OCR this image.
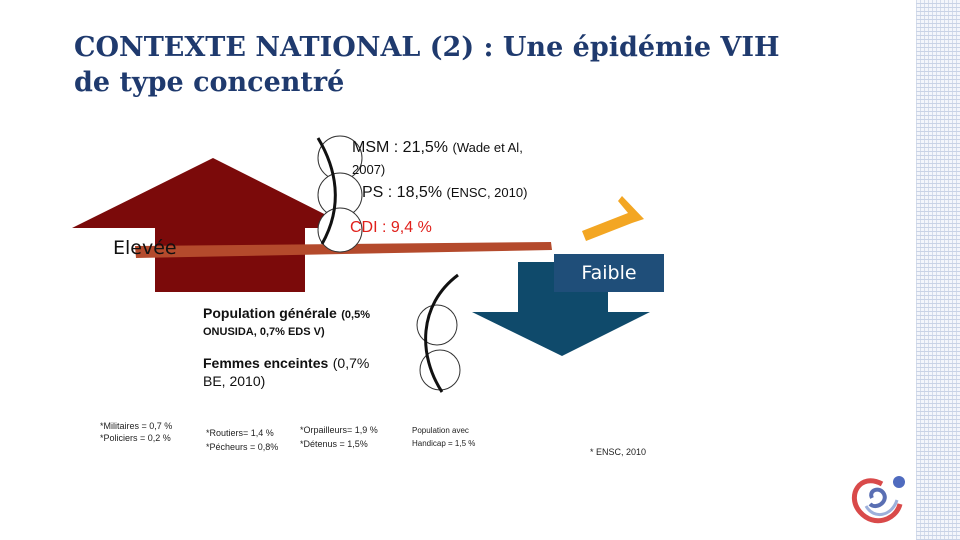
CONTEXTE NATIONAL (2) : Une épidémie VIH
de type concentré
MSM : 21,5% (Wade et Al,
2007)
PS : 18,5% (ENSC, 2010)
CDI : 9,4 %
Elevée
Faible
Population générale (0,5%
ONUSIDA, 0,7% EDS V)
Femmes enceintes (0,7%
BE, 2010)
*Militaires = 0,7 %
*Policiers = 0,2 %	*Routiers= 1,4 %
*Pécheurs = 0,8%
*Orpailleurs= 1,9 %
*Détenus = 1,5%
Population avec
Handicap = 1,5 %
* ENSC, 2010
